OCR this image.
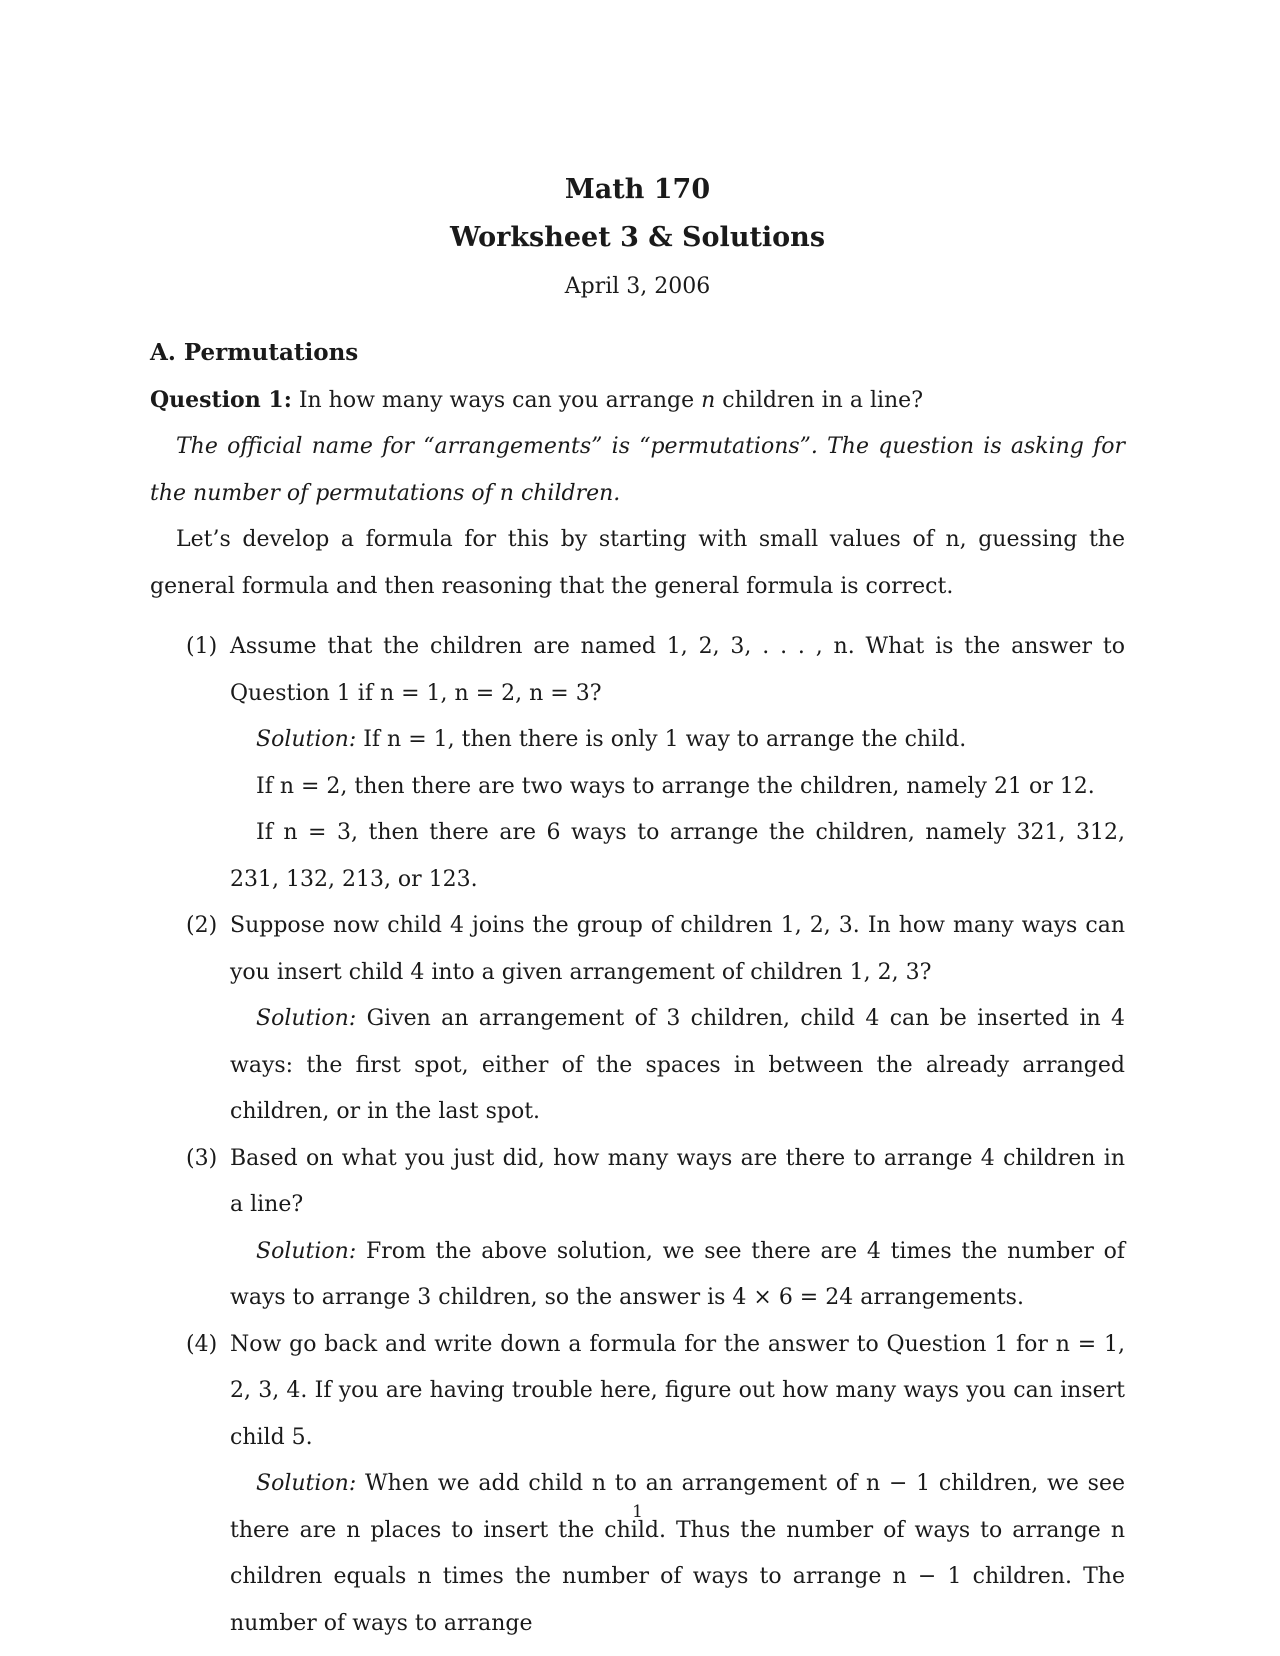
Math 170
Worksheet 3 & Solutions
April 3, 2006

A. Permutations

Question 1: In how many ways can you arrange n children in a line?

The official name for “arrangements” is “permutations”. The question is asking for the number of permutations of n children.

Let’s develop a formula for this by starting with small values of n, guessing the general formula and then reasoning that the general formula is correct.

(1) Assume that the children are named 1, 2, 3, . . . , n. What is the answer to Question 1 if n = 1, n = 2, n = 3?

Solution: If n = 1, then there is only 1 way to arrange the child.

If n = 2, then there are two ways to arrange the children, namely 21 or 12.

If n = 3, then there are 6 ways to arrange the children, namely 321, 312, 231, 132, 213, or 123.

(2) Suppose now child 4 joins the group of children 1, 2, 3. In how many ways can you insert child 4 into a given arrangement of children 1, 2, 3?

Solution: Given an arrangement of 3 children, child 4 can be inserted in 4 ways: the first spot, either of the spaces in between the already arranged children, or in the last spot.

(3) Based on what you just did, how many ways are there to arrange 4 children in a line?

Solution: From the above solution, we see there are 4 times the number of ways to arrange 3 children, so the answer is 4 × 6 = 24 arrangements.

(4) Now go back and write down a formula for the answer to Question 1 for n = 1, 2, 3, 4. If you are having trouble here, figure out how many ways you can insert child 5.

Solution: When we add child n to an arrangement of n − 1 children, we see there are n places to insert the child. Thus the number of ways to arrange n children equals n times the number of ways to arrange n − 1 children. The number of ways to arrange

1
